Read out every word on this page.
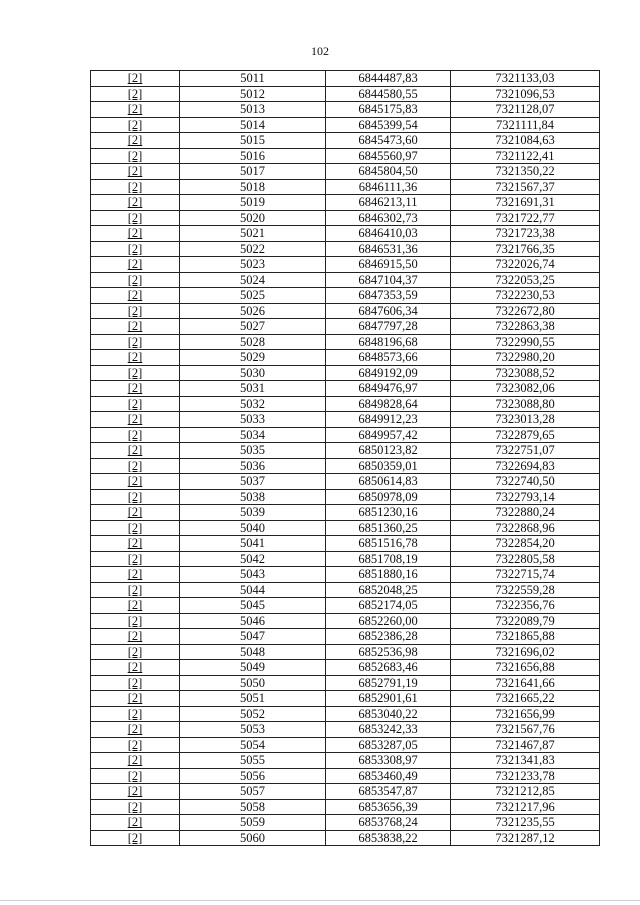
102
[2]	5011	6844487,83	7321133,03
[2]	5012	6844580,55	7321096,53
[2]	5013	6845175,83	7321128,07
[2]	5014	6845399,54	7321111,84
[2]	5015	6845473,60	7321084,63
[2]	5016	6845560,97	7321122,41
[2]	5017	6845804,50	7321350,22
[2]	5018	6846111,36	7321567,37
[2]	5019	6846213,11	7321691,31
[2]	5020	6846302,73	7321722,77
[2]	5021	6846410,03	7321723,38
[2]	5022	6846531,36	7321766,35
[2]	5023	6846915,50	7322026,74
[2]	5024	6847104,37	7322053,25
[2]	5025	6847353,59	7322230,53
[2]	5026	6847606,34	7322672,80
[2]	5027	6847797,28	7322863,38
[2]	5028	6848196,68	7322990,55
[2]	5029	6848573,66	7322980,20
[2]	5030	6849192,09	7323088,52
[2]	5031	6849476,97	7323082,06
[2]	5032	6849828,64	7323088,80
[2]	5033	6849912,23	7323013,28
[2]	5034	6849957,42	7322879,65
[2]	5035	6850123,82	7322751,07
[2]	5036	6850359,01	7322694,83
[2]	5037	6850614,83	7322740,50
[2]	5038	6850978,09	7322793,14
[2]	5039	6851230,16	7322880,24
[2]	5040	6851360,25	7322868,96
[2]	5041	6851516,78	7322854,20
[2]	5042	6851708,19	7322805,58
[2]	5043	6851880,16	7322715,74
[2]	5044	6852048,25	7322559,28
[2]	5045	6852174,05	7322356,76
[2]	5046	6852260,00	7322089,79
[2]	5047	6852386,28	7321865,88
[2]	5048	6852536,98	7321696,02
[2]	5049	6852683,46	7321656,88
[2]	5050	6852791,19	7321641,66
[2]	5051	6852901,61	7321665,22
[2]	5052	6853040,22	7321656,99
[2]	5053	6853242,33	7321567,76
[2]	5054	6853287,05	7321467,87
[2]	5055	6853308,97	7321341,83
[2]	5056	6853460,49	7321233,78
[2]	5057	6853547,87	7321212,85
[2]	5058	6853656,39	7321217,96
[2]	5059	6853768,24	7321235,55
[2]	5060	6853838,22	7321287,12
